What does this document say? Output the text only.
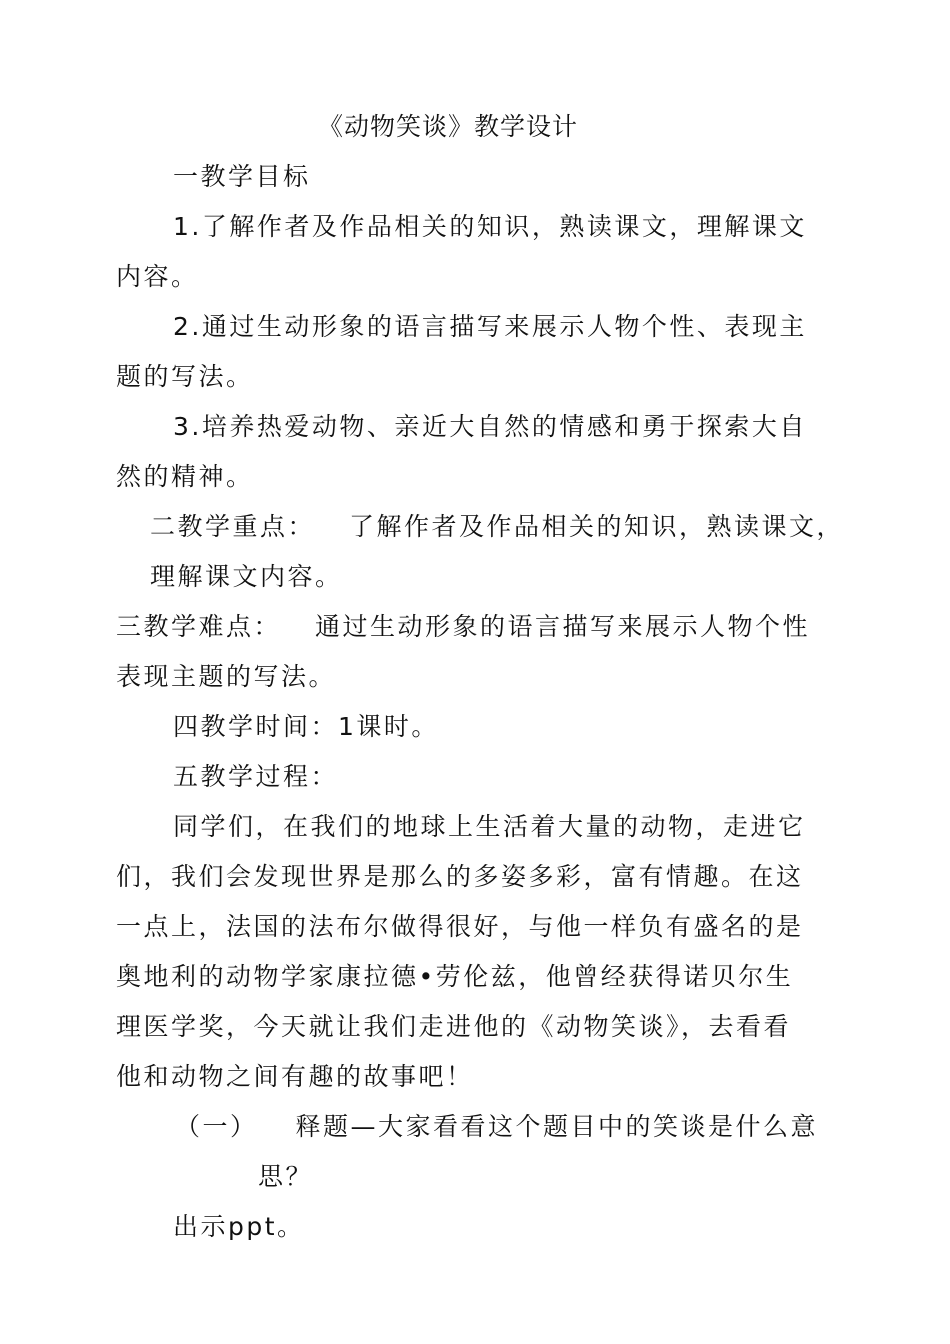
《动物笑谈》教学设计
一教学目标
1.了解作者及作品相关的知识，熟读课文，理解课文
内容。
2.通过生动形象的语言描写来展示人物个性、表现主
题的写法。
3.培养热爱动物、亲近大自然的情感和勇于探索大自
然的精神。
二教学重点： 了解作者及作品相关的知识，熟读课文，
理解课文内容。
三教学难点： 通过生动形象的语言描写来展示人物个性
表现主题的写法。
四教学时间：1课时。
五教学过程：
同学们，在我们的地球上生活着大量的动物，走进它
们，我们会发现世界是那么的多姿多彩，富有情趣。在这
一点上，法国的法布尔做得很好，与他一样负有盛名的是
奥地利的动物学家康拉德•劳伦兹，他曾经获得诺贝尔生
理医学奖，今天就让我们走进他的《动物笑谈》，去看看
他和动物之间有趣的故事吧！
（一） 释题—大家看看这个题目中的笑谈是什么意
思？
出示ppt。
